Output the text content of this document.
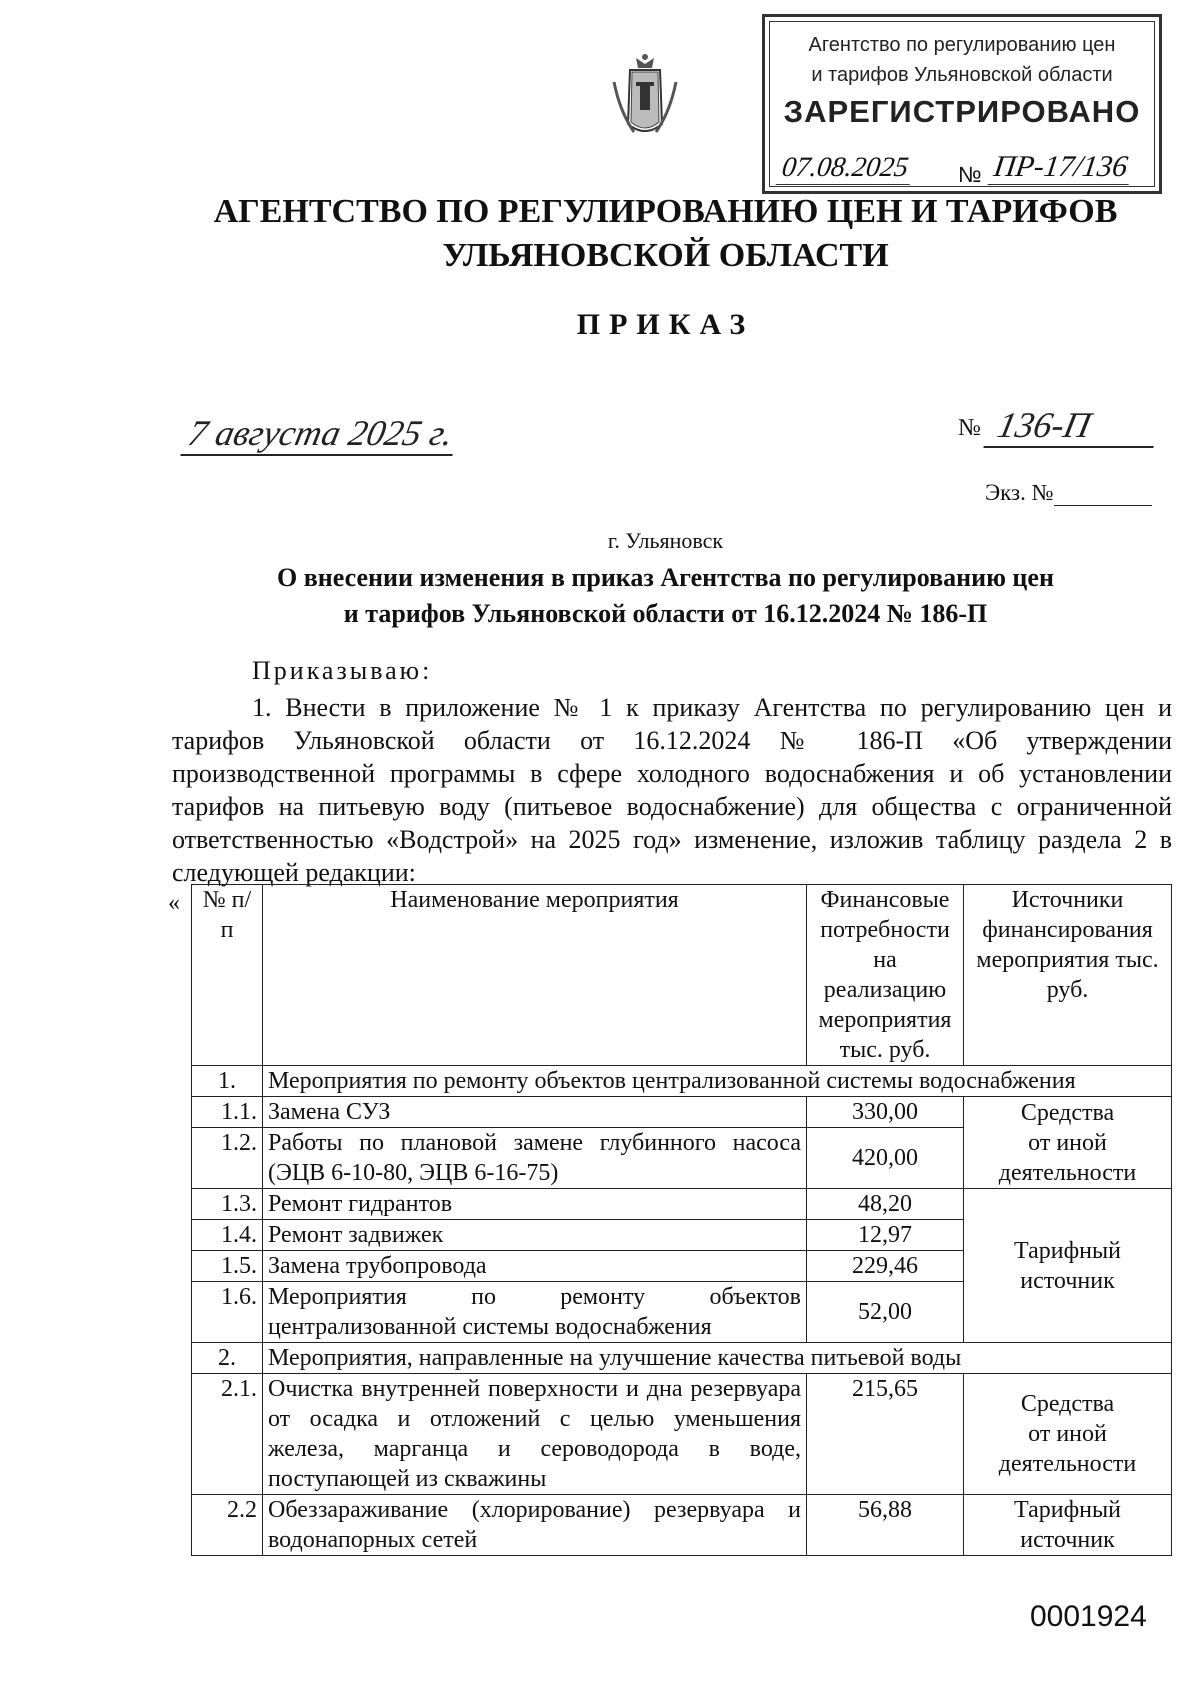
Агентство по регулированию цен
и тарифов Ульяновской области
ЗАРЕГИСТРИРОВАНО
07.08.2025 № ПР-17/136
АГЕНТСТВО ПО РЕГУЛИРОВАНИЮ ЦЕН И ТАРИФОВ
УЛЬЯНОВСКОЙ ОБЛАСТИ
ПРИКАЗ
7 августа 2025 г.	№ 136-П
Экз. №
г. Ульяновск
О внесении изменения в приказ Агентства по регулированию цен
и тарифов Ульяновской области от 16.12.2024 № 186-П
Приказываю:
1. Внести в приложение № 1 к приказу Агентства по регулированию цен и тарифов Ульяновской области от 16.12.2024 № 186-П «Об утверждении производственной программы в сфере холодного водоснабжения и об установлении тарифов на питьевую воду (питьевое водоснабжение) для общества с ограниченной ответственностью «Водстрой» на 2025 год» изменение, изложив таблицу раздела 2 в следующей редакции:
« № п/п	Наименование мероприятия	Финансовые потребности на реализацию мероприятия тыс. руб.	Источники финансирования мероприятия тыс. руб.
1.	Мероприятия по ремонту объектов централизованной системы водоснабжения		
1.1.	Замена СУЗ	330,00	Средства
от иной
деятельности

1.2.	Работы по плановой замене глубинного насоса (ЭЦВ 6-10-80, ЭЦВ 6-16-75)	420,00	
1.3.	Ремонт гидрантов	48,20	Тарифный
источник

1.4.	Ремонт задвижек	12,97	
1.5.	Замена трубопровода	229,46	
1.6.	Мероприятия по ремонту объектов централизованной системы водоснабжения	52,00	
2.	Мероприятия, направленные на улучшение качества питьевой воды		
2.1.	Очистка внутренней поверхности и дна резервуара от осадка и отложений с целью уменьшения железа, марганца и сероводорода в воде, поступающей из скважины	215,65	Средства
от иной
деятельности

2.2	Обеззараживание (хлорирование) резервуара и водонапорных сетей	56,88	Тарифный
источник
0001924
